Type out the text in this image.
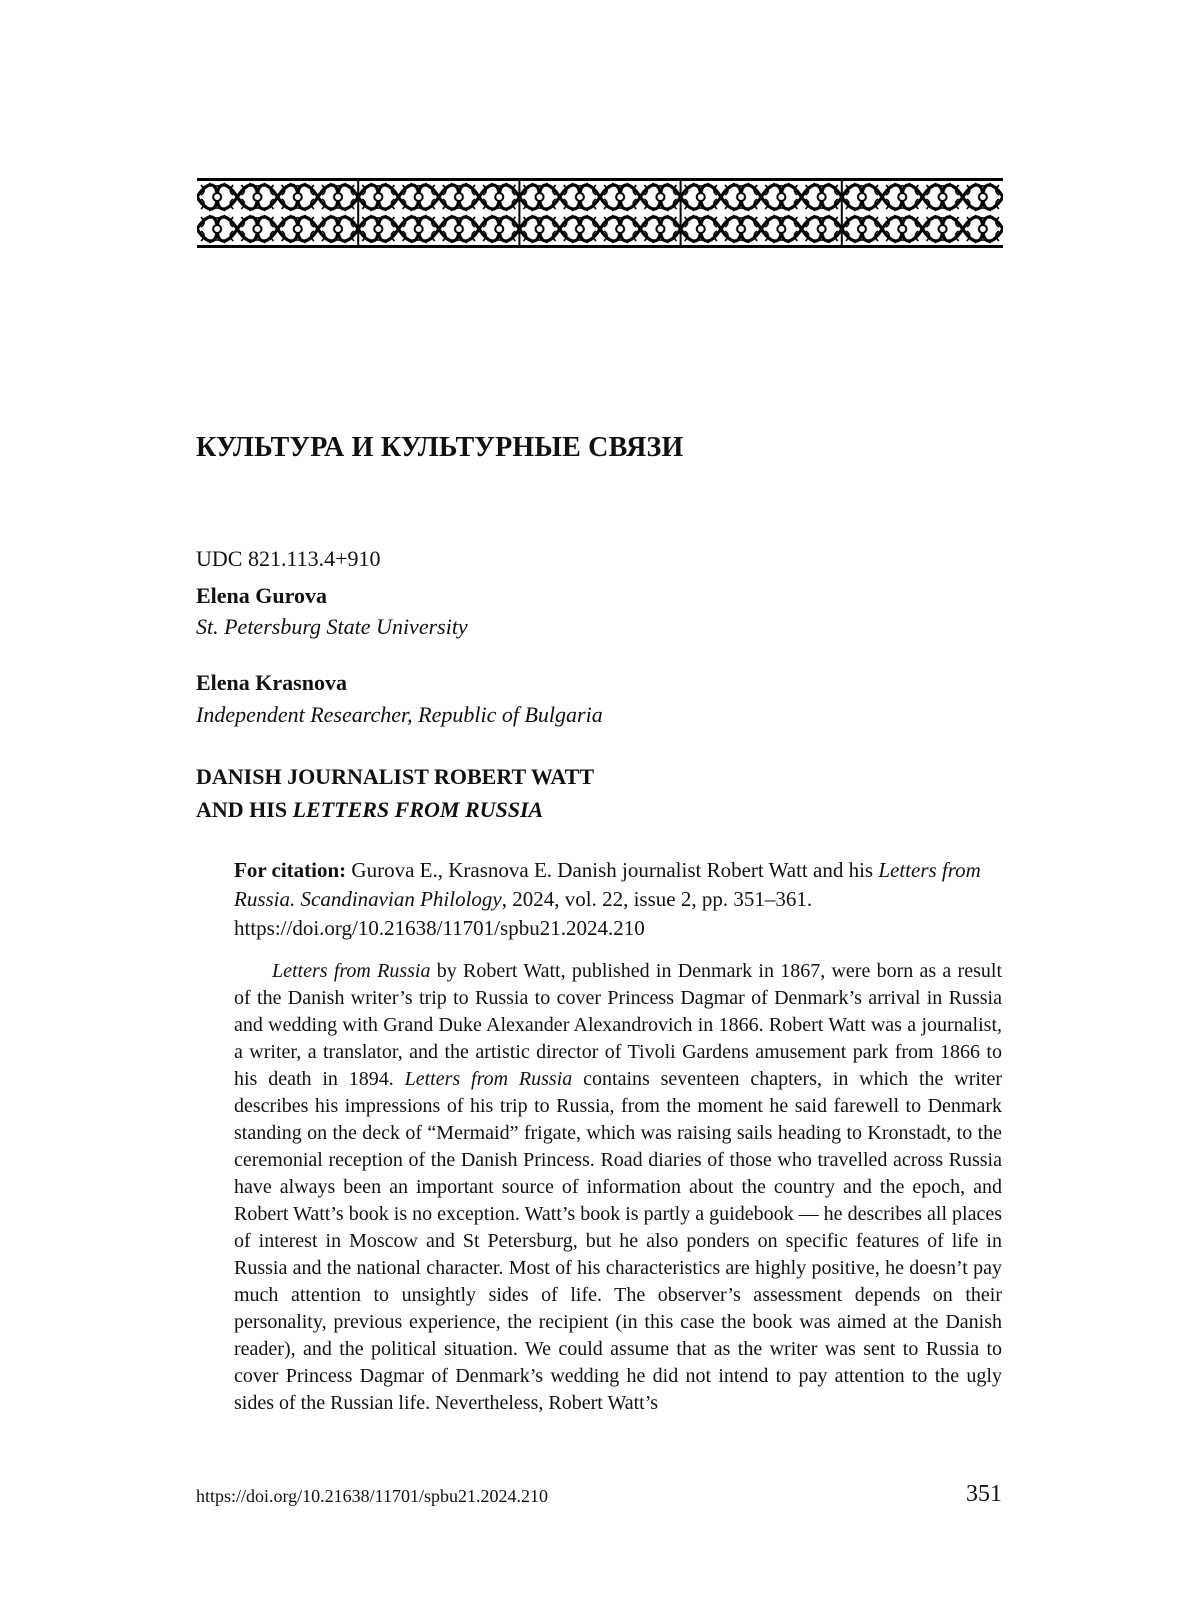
КУЛЬТУРА И КУЛЬТУРНЫЕ СВЯЗИ
UDC 821.113.4+910
Elena Gurova
St. Petersburg State University
Elena Krasnova
Independent Researcher, Republic of Bulgaria
DANISH JOURNALIST ROBERT WATT
AND HIS LETTERS FROM RUSSIA
For citation: Gurova E., Krasnova E. Danish journalist Robert Watt and his Letters from Russia. Scandinavian Philology, 2024, vol. 22, issue 2, pp. 351–361.
https://doi.org/10.21638/11701/spbu21.2024.210

Letters from Russia by Robert Watt, published in Denmark in 1867, were born as a result of the Danish writer’s trip to Russia to cover Princess Dagmar of Denmark’s arrival in Russia and wedding with Grand Duke Alexander Alexandrovich in 1866. Robert Watt was a journalist, a writer, a translator, and the artistic director of Tivoli Gardens amusement park from 1866 to his death in 1894. Letters from Russia contains seventeen chapters, in which the writer describes his impressions of his trip to Russia, from the moment he said farewell to Denmark standing on the deck of “Mermaid” frigate, which was raising sails heading to Kronstadt, to the ceremonial reception of the Danish Princess. Road diaries of those who travelled across Russia have always been an important source of information about the country and the epoch, and Robert Watt’s book is no exception. Watt’s book is partly a guidebook — he describes all places of interest in Moscow and St Petersburg, but he also ponders on specific features of life in Russia and the national character. Most of his characteristics are highly positive, he doesn’t pay much attention to unsightly sides of life. The observer’s assessment depends on their personality, previous experience, the recipient (in this case the book was aimed at the Danish reader), and the political situation. We could assume that as the writer was sent to Russia to cover Princess Dagmar of Denmark’s wedding he did not intend to pay attention to the ugly sides of the Russian life. Nevertheless, Robert Watt’s

https://doi.org/10.21638/11701/spbu21.2024.210	351
